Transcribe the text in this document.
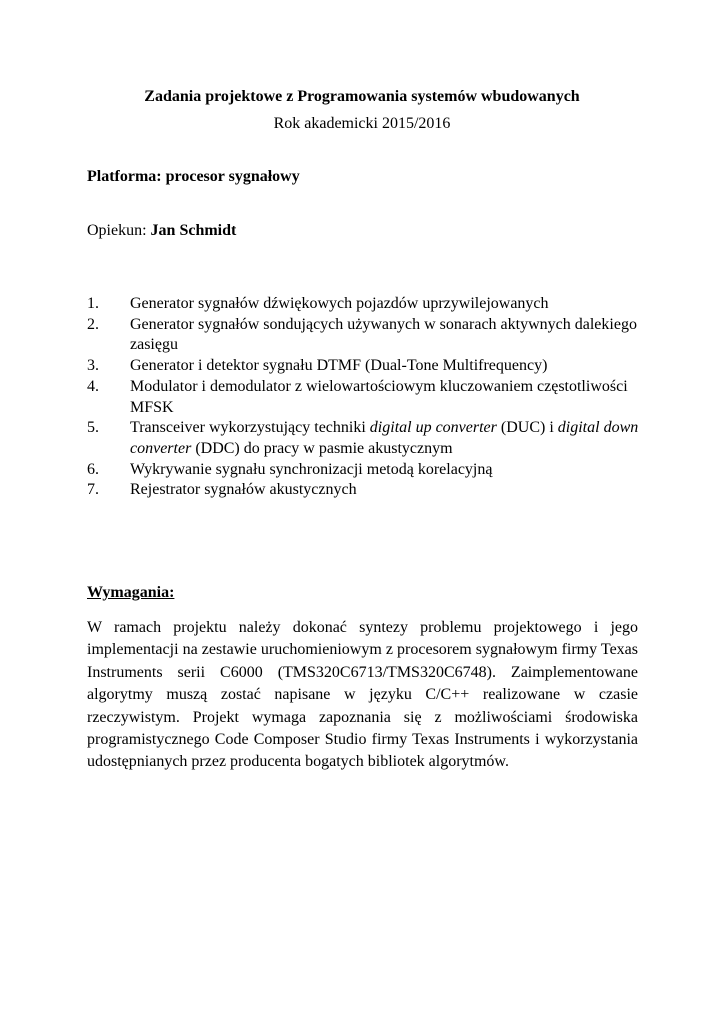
Zadania projektowe z Programowania systemów wbudowanych
Rok akademicki 2015/2016
Platforma: procesor sygnałowy
Opiekun: Jan Schmidt
1.	Generator sygnałów dźwiękowych pojazdów uprzywilejowanych
2.	Generator sygnałów sondujących używanych w sonarach aktywnych dalekiego zasięgu
3.	Generator i detektor sygnału DTMF (Dual-Tone Multifrequency)
4.	Modulator i demodulator z wielowartościowym kluczowaniem częstotliwości MFSK
5.	Transceiver wykorzystujący techniki digital up converter (DUC) i digital down converter (DDC) do pracy w pasmie akustycznym
6.	Wykrywanie sygnału synchronizacji metodą korelacyjną
7.	Rejestrator sygnałów akustycznych
Wymagania:

W ramach projektu należy dokonać syntezy problemu projektowego i jego implementacji na zestawie uruchomieniowym z procesorem sygnałowym firmy Texas Instruments serii C6000 (TMS320C6713/TMS320C6748). Zaimplementowane algorytmy muszą zostać napisane w języku C/C++ realizowane w czasie rzeczywistym. Projekt wymaga zapoznania się z możliwościami środowiska programistycznego Code Composer Studio firmy Texas Instruments i wykorzystania udostępnianych przez producenta bogatych bibliotek algorytmów.
